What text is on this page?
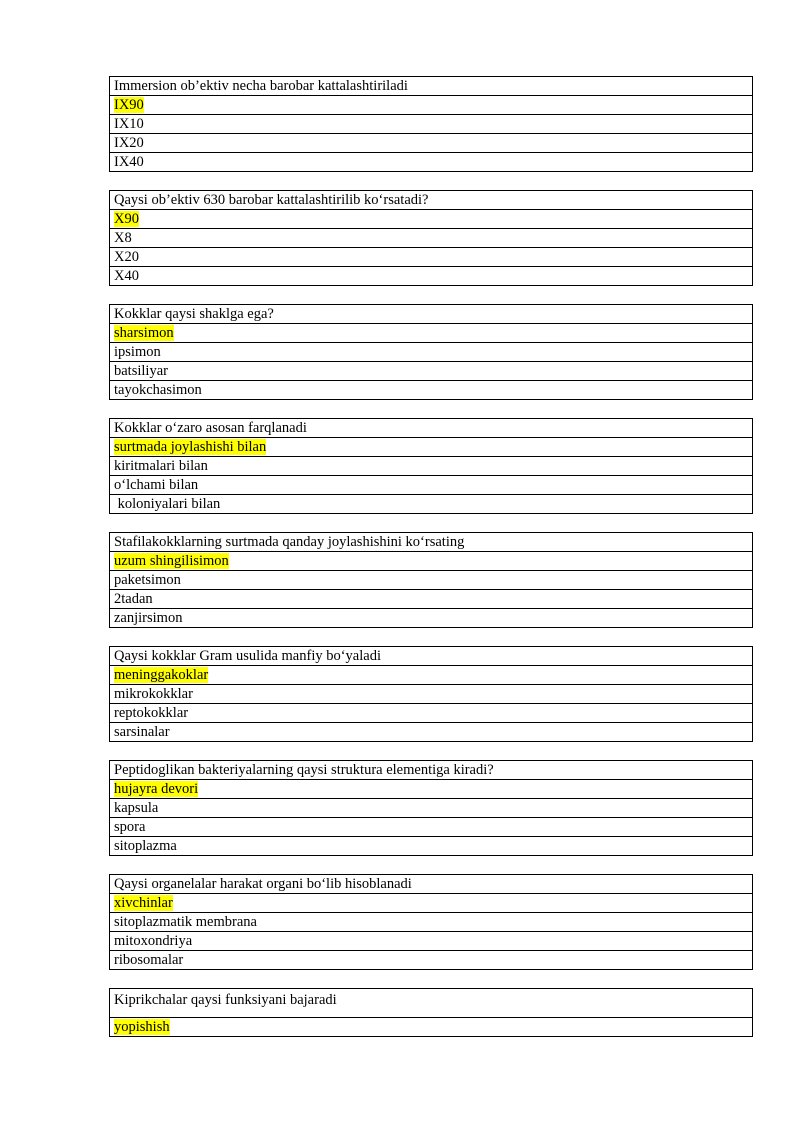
Immersion ob’ektiv necha barobar kattalashtiriladi
IX90
IX10
IX20
IX40
Qaysi ob’ektiv 630 barobar kattalashtirilib ko‘rsatadi?
X90
X8
X20
X40
Kokklar qaysi shaklga ega?
sharsimon
ipsimon
batsiliyar
tayokchasimon
Kokklar o‘zaro asosan farqlanadi
surtmada joylashishi bilan
kiritmalari bilan
o‘lchami bilan
koloniyalari bilan
Stafilakokklarning surtmada qanday joylashishini ko‘rsating
uzum shingilisimon
paketsimon
2tadan
zanjirsimon
Qaysi kokklar Gram usulida manfiy bo‘yaladi
meninggakoklar
mikrokokklar
reptokokklar
sarsinalar
Peptidoglikan bakteriyalarning qaysi struktura elementiga kiradi?
hujayra devori
kapsula
spora
sitoplazma
Qaysi organelalar harakat organi bo‘lib hisoblanadi
xivchinlar
sitoplazmatik membrana
mitoxondriya
ribosomalar
Kiprikchalar qaysi funksiyani bajaradi
yopishish
